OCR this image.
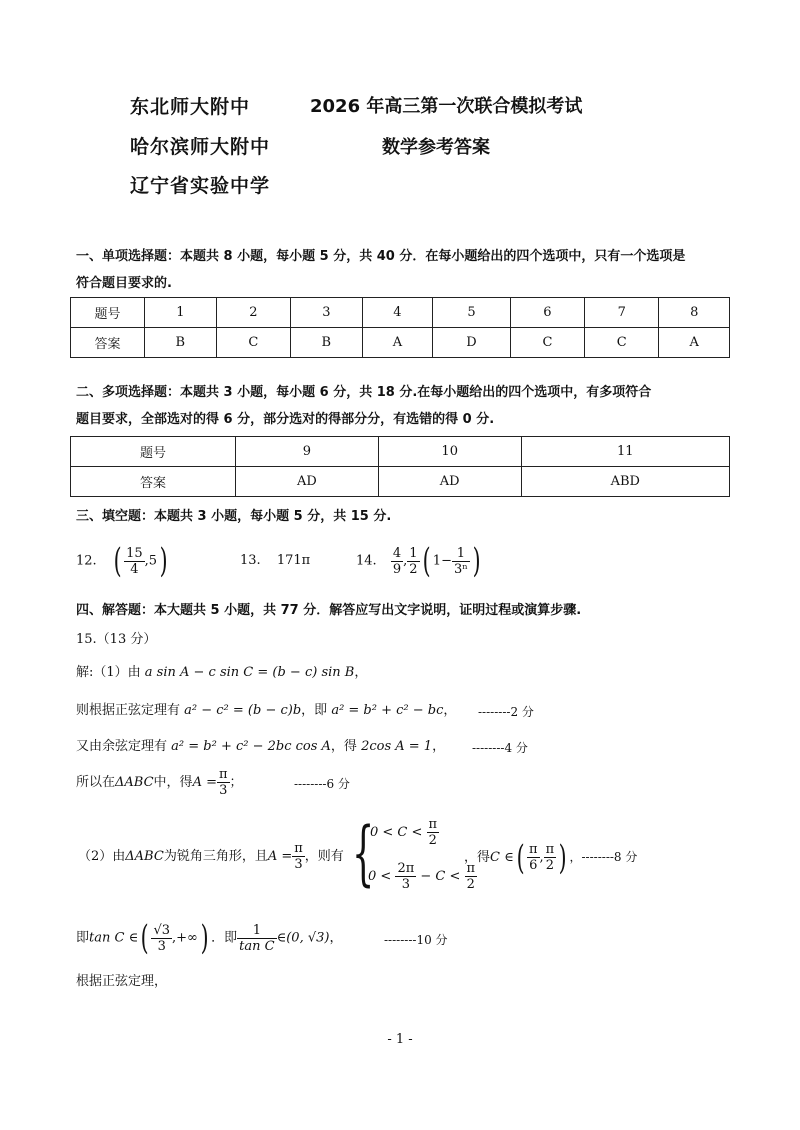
东北师大附中
哈尔滨师大附中
辽宁省实验中学
2026 年高三第一次联合模拟考试
数学参考答案
一、单项选择题：本题共 8 小题，每小题 5 分，共 40 分．在每小题给出的四个选项中，只有一个选项是
符合题目要求的.
题号	1	2	3	4	5	6	7	8
答案	B	C	B	A	D	C	C	A
二、多项选择题：本题共 3 小题，每小题 6 分，共 18 分.在每小题给出的四个选项中，有多项符合
题目要求，全部选对的得 6 分，部分选对的得部分分，有选错的得 0 分.
题号	9	10	11
答案	AD	AD	ABD
三、填空题：本题共 3 小题，每小题 5 分，共 15 分.
12. ( $\frac{15}{4} ,5$)	13. 171π	14. $\frac{4}{9}$ , $\frac{1}{2}$ ( $1- \frac{1}{\text{3ⁿ}}$ )
四、解答题：本大题共 5 小题，共 77 分．解答应写出文字说明，证明过程或演算步骤.
15.（13 分）
解:（1）由 a sin A − c sin C = (b − c) sin B，
则根据正弦定理有 a² − c² = (b − c)b，即 a² = b² + c² − bc， --------2 分
又由余弦定理有 a² = b² + c² − 2bc cos A，得 2cos A = 1， --------4 分
所以在ΔABC中，得$A = \frac{\pi}{3}$ ；	--------6 分
（2）由ΔABC为锐角三角形，且$A = \frac{\pi}{3}$ ，则有 {
$0 < C < \frac{\pi}{2}$
$0 < \frac{2\pi}{3} - C < \frac{\pi}{2}$
，得C ∈( $\frac{\pi}{6}$ , $\frac{\pi}{2}$ ) ，--------8 分
即tan C ∈( $\frac{√3}{3}$ ,+∞) ．即 $\frac{1}{\text{tan C}}$ ∈(0, √3)，	--------10 分
根据正弦定理，
- 1 -
